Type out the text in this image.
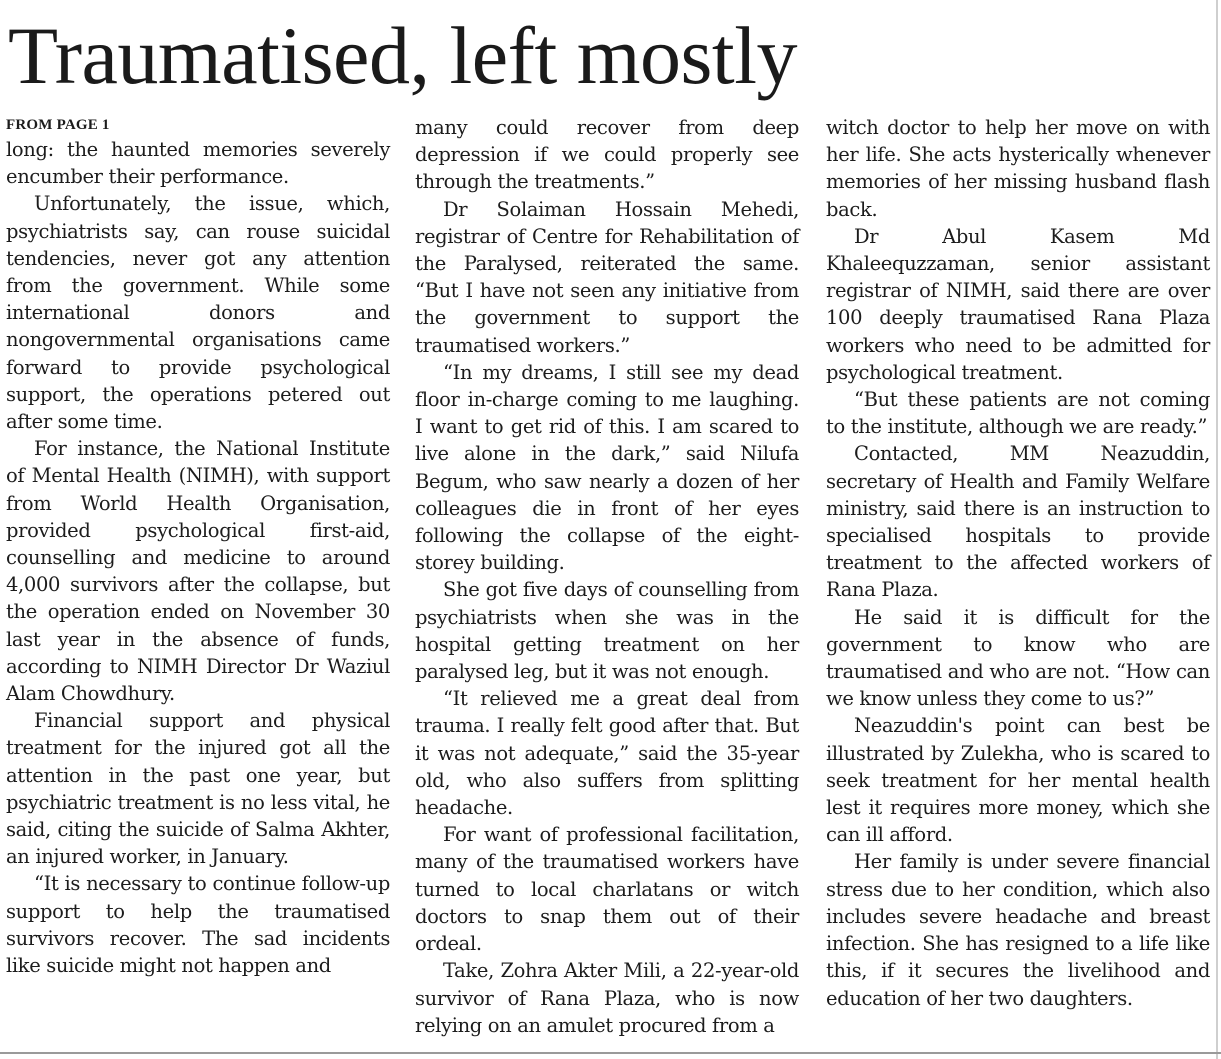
Traumatised, left mostly
FROM PAGE 1

long: the haunted memories severely encumber their performance.

Unfortunately, the issue, which, psychiatrists say, can rouse suicidal tendencies, never got any attention from the government. While some international donors and nongovernmental organisations came forward to provide psychological support, the operations petered out after some time.

For instance, the National Institute of Mental Health (NIMH), with support from World Health Organisation, provided psychological first-aid, counselling and medicine to around 4,000 survivors after the collapse, but the operation ended on November 30 last year in the absence of funds, according to NIMH Director Dr Waziul Alam Chowdhury.

Financial support and physical treatment for the injured got all the attention in the past one year, but psychiatric treatment is no less vital, he said, citing the suicide of Salma Akhter, an injured worker, in January.

“It is necessary to continue follow-up support to help the traumatised survivors recover. The sad incidents like suicide might not happen and

many could recover from deep depression if we could properly see through the treatments.”

Dr Solaiman Hossain Mehedi, registrar of Centre for Rehabilitation of the Paralysed, reiterated the same. “But I have not seen any initiative from the government to support the traumatised workers.”

“In my dreams, I still see my dead floor in-charge coming to me laughing. I want to get rid of this. I am scared to live alone in the dark,” said Nilufa Begum, who saw nearly a dozen of her colleagues die in front of her eyes following the collapse of the eight-storey building.

She got five days of counselling from psychiatrists when she was in the hospital getting treatment on her paralysed leg, but it was not enough.

“It relieved me a great deal from trauma. I really felt good after that. But it was not adequate,” said the 35-year old, who also suffers from splitting headache.

For want of professional facilitation, many of the traumatised workers have turned to local charlatans or witch doctors to snap them out of their ordeal.

Take, Zohra Akter Mili, a 22-year-old survivor of Rana Plaza, who is now relying on an amulet procured from a

witch doctor to help her move on with her life. She acts hysterically whenever memories of her missing husband flash back.

Dr Abul Kasem Md Khaleequzzaman, senior assistant registrar of NIMH, said there are over 100 deeply traumatised Rana Plaza workers who need to be admitted for psychological treatment.

“But these patients are not coming to the institute, although we are ready.”

Contacted, MM Neazuddin, secretary of Health and Family Welfare ministry, said there is an instruction to specialised hospitals to provide treatment to the affected workers of Rana Plaza.

He said it is difficult for the government to know who are traumatised and who are not. “How can we know unless they come to us?”

Neazuddin's point can best be illustrated by Zulekha, who is scared to seek treatment for her mental health lest it requires more money, which she can ill afford.

Her family is under severe financial stress due to her condition, which also includes severe headache and breast infection. She has resigned to a life like this, if it secures the livelihood and education of her two daughters.
